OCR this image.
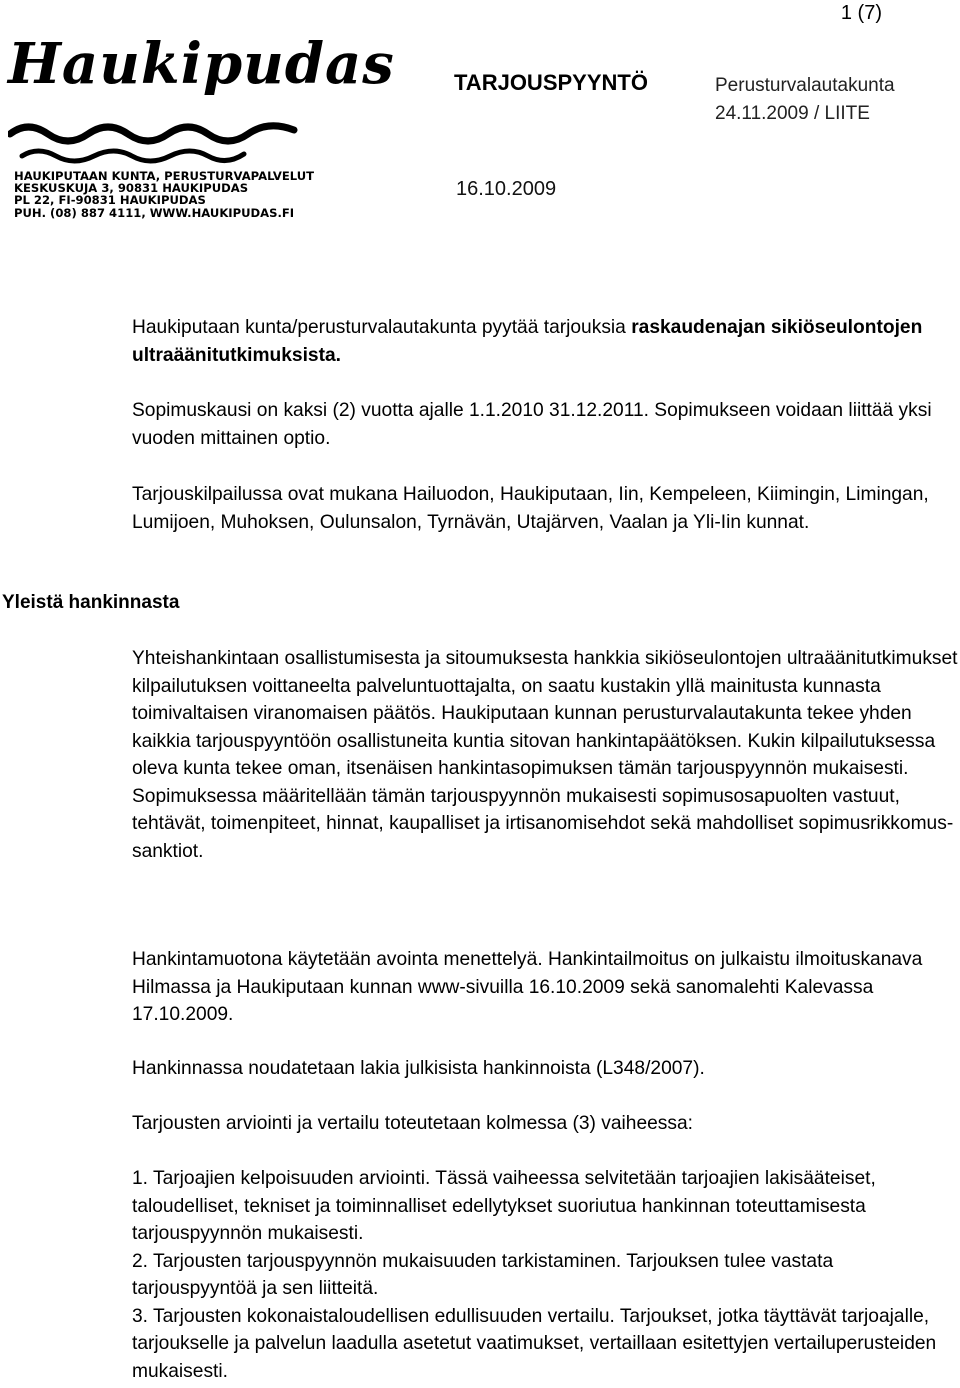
1 (7)
Haukipudas
HAUKIPUTAAN KUNTA, PERUSTURVAPALVELUT
KESKUSKUJA 3, 90831 HAUKIPUDAS
PL 22, FI-90831 HAUKIPUDAS
PUH. (08) 887 4111, WWW.HAUKIPUDAS.FI
TARJOUSPYYNTÖ	Perusturvalautakunta
24.11.2009 / LIITE
16.10.2009
Yleistä hankinnasta

Haukiputaan kunta/perusturvalautakunta pyytää tarjouksia raskaudenajan sikiöseulontojen ultraäänitutkimuksista.

Sopimuskausi on kaksi (2) vuotta ajalle 1.1.2010 31.12.2011. Sopimukseen voidaan liittää yksi vuoden mittainen optio.

Tarjouskilpailussa ovat mukana Hailuodon, Haukiputaan, Iin, Kempeleen, Kiimingin, Limingan, Lumijoen, Muhoksen, Oulunsalon, Tyrnävän, Utajärven, Vaalan ja Yli-Iin kunnat.

Yhteishankintaan osallistumisesta ja sitoumuksesta hankkia sikiöseulontojen ultraäänitutkimukset kilpailutuksen voittaneelta palveluntuottajalta, on saatu kustakin yllä mainitusta kunnasta toimivaltaisen viranomaisen päätös. Haukiputaan kunnan perusturvalautakunta tekee yhden kaikkia tarjouspyyntöön osallistuneita kuntia sitovan hankintapäätöksen. Kukin kilpailutuksessa oleva kunta tekee oman, itsenäisen hankintasopimuksen tämän tarjouspyynnön mukaisesti. Sopimuksessa määritellään tämän tarjouspyynnön mukaisesti sopimusosapuolten vastuut, tehtävät, toimenpiteet, hinnat, kaupalliset ja irtisanomisehdot sekä mahdolliset sopimusrikkomus-sanktiot.

Hankintamuotona käytetään avointa menettelyä. Hankintailmoitus on julkaistu ilmoituskanava Hilmassa ja Haukiputaan kunnan www-sivuilla 16.10.2009 sekä sanomalehti Kalevassa 17.10.2009.

Hankinnassa noudatetaan lakia julkisista hankinnoista (L348/2007).

Tarjousten arviointi ja vertailu toteutetaan kolmessa (3) vaiheessa:

1. Tarjoajien kelpoisuuden arviointi. Tässä vaiheessa selvitetään tarjoajien lakisääteiset, taloudelliset, tekniset ja toiminnalliset edellytykset suoriutua hankinnan toteuttamisesta tarjouspyynnön mukaisesti.

2. Tarjousten tarjouspyynnön mukaisuuden tarkistaminen. Tarjouksen tulee vastata tarjouspyyntöä ja sen liitteitä.

3. Tarjousten kokonaistaloudellisen edullisuuden vertailu. Tarjoukset, jotka täyttävät tarjoajalle, tarjoukselle ja palvelun laadulla asetetut vaatimukset, vertaillaan esitettyjen vertailuperusteiden mukaisesti.
